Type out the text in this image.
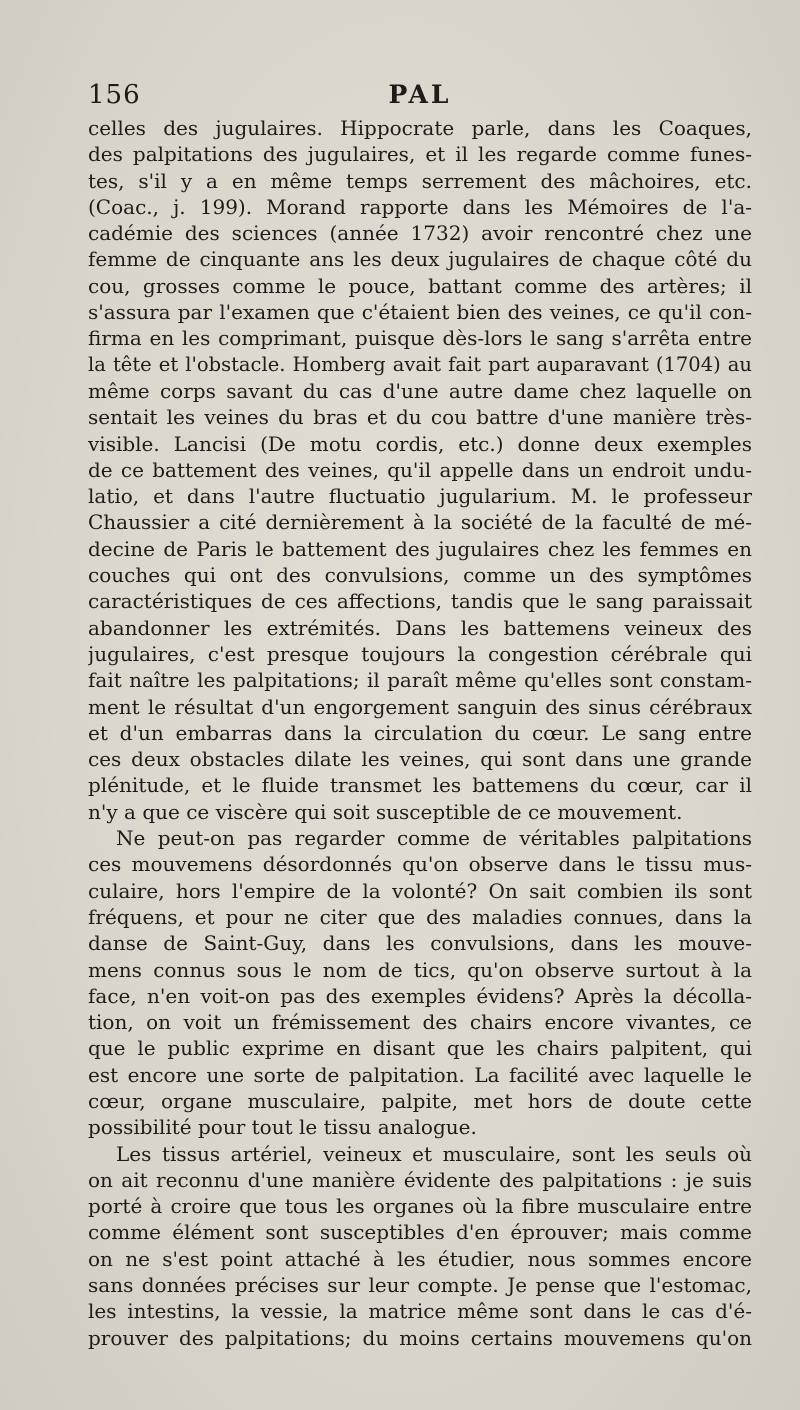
156	PAL
celles des jugulaires. Hippocrate parle, dans les Coaques,
des palpitations des jugulaires, et il les regarde comme funes-
tes, s'il y a en même temps serrement des mâchoires, etc.
(Coac., j. 199). Morand rapporte dans les Mémoires de l'a-
cadémie des sciences (année 1732) avoir rencontré chez une
femme de cinquante ans les deux jugulaires de chaque côté du
cou, grosses comme le pouce, battant comme des artères; il
s'assura par l'examen que c'étaient bien des veines, ce qu'il con-
firma en les comprimant, puisque dès-lors le sang s'arrêta entre
la tête et l'obstacle. Homberg avait fait part auparavant (1704) au
même corps savant du cas d'une autre dame chez laquelle on
sentait les veines du bras et du cou battre d'une manière très-
visible. Lancisi (De motu cordis, etc.) donne deux exemples
de ce battement des veines, qu'il appelle dans un endroit undu-
latio, et dans l'autre fluctuatio jugularium. M. le professeur
Chaussier a cité dernièrement à la société de la faculté de mé-
decine de Paris le battement des jugulaires chez les femmes en
couches qui ont des convulsions, comme un des symptômes
caractéristiques de ces affections, tandis que le sang paraissait
abandonner les extrémités. Dans les battemens veineux des
jugulaires, c'est presque toujours la congestion cérébrale qui
fait naître les palpitations; il paraît même qu'elles sont constam-
ment le résultat d'un engorgement sanguin des sinus cérébraux
et d'un embarras dans la circulation du cœur. Le sang entre
ces deux obstacles dilate les veines, qui sont dans une grande
plénitude, et le fluide transmet les battemens du cœur, car il
n'y a que ce viscère qui soit susceptible de ce mouvement.
Ne peut-on pas regarder comme de véritables palpitations
ces mouvemens désordonnés qu'on observe dans le tissu mus-
culaire, hors l'empire de la volonté? On sait combien ils sont
fréquens, et pour ne citer que des maladies connues, dans la
danse de Saint-Guy, dans les convulsions, dans les mouve-
mens connus sous le nom de tics, qu'on observe surtout à la
face, n'en voit-on pas des exemples évidens? Après la décolla-
tion, on voit un frémissement des chairs encore vivantes, ce
que le public exprime en disant que les chairs palpitent, qui
est encore une sorte de palpitation. La facilité avec laquelle le
cœur, organe musculaire, palpite, met hors de doute cette
possibilité pour tout le tissu analogue.
Les tissus artériel, veineux et musculaire, sont les seuls où
on ait reconnu d'une manière évidente des palpitations : je suis
porté à croire que tous les organes où la fibre musculaire entre
comme élément sont susceptibles d'en éprouver; mais comme
on ne s'est point attaché à les étudier, nous sommes encore
sans données précises sur leur compte. Je pense que l'estomac,
les intestins, la vessie, la matrice même sont dans le cas d'é-
prouver des palpitations; du moins certains mouvemens qu'on
